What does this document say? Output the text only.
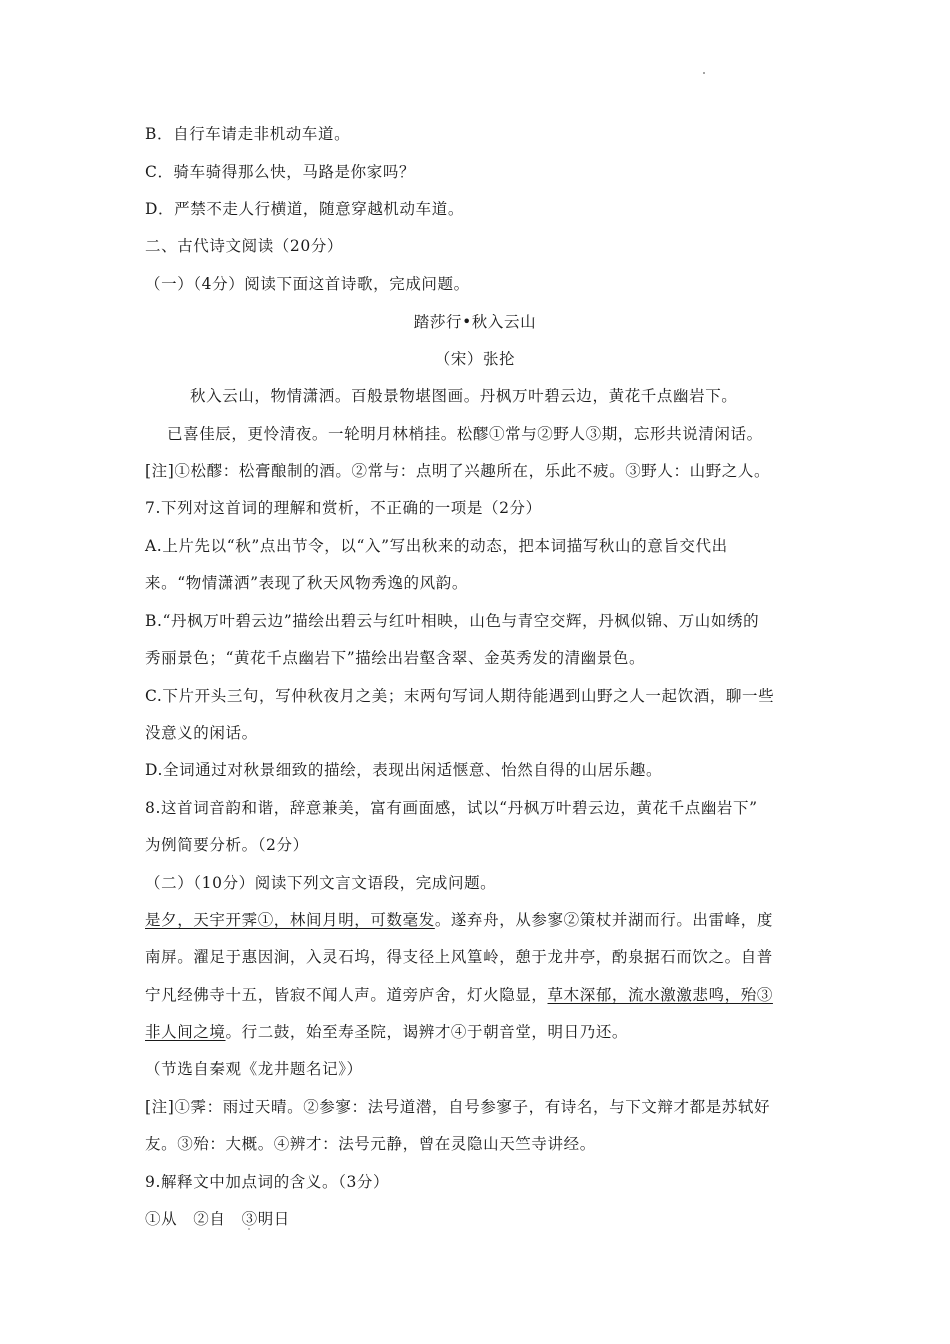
B．自行车请走非机动车道。
C．骑车骑得那么快，马路是你家吗？
D．严禁不走人行横道，随意穿越机动车道。
二、古代诗文阅读（20分）
（一）（4分）阅读下面这首诗歌，完成问题。
踏莎行•秋入云山
（宋）张抡
秋入云山，物情潇洒。百般景物堪图画。丹枫万叶碧云边，黄花千点幽岩下。
已喜佳辰，更怜清夜。一轮明月林梢挂。松醪①常与②野人③期，忘形共说清闲话。
[注]①松醪：松膏酿制的酒。②常与：点明了兴趣所在，乐此不疲。③野人：山野之人。
7.下列对这首词的理解和赏析，不正确的一项是（2分）
A.上片先以“秋”点出节令，以“入”写出秋来的动态，把本词描写秋山的意旨交代出
来。“物情潇洒”表现了秋天风物秀逸的风韵。
B.“丹枫万叶碧云边”描绘出碧云与红叶相映，山色与青空交辉，丹枫似锦、万山如绣的
秀丽景色；“黄花千点幽岩下”描绘出岩壑含翠、金英秀发的清幽景色。
C.下片开头三句，写仲秋夜月之美；末两句写词人期待能遇到山野之人一起饮酒，聊一些
没意义的闲话。
D.全词通过对秋景细致的描绘，表现出闲适惬意、怡然自得的山居乐趣。
8.这首词音韵和谐，辞意兼美，富有画面感，试以“丹枫万叶碧云边，黄花千点幽岩下”
为例简要分析。（2分）
（二）（10分）阅读下列文言文语段，完成问题。
是夕，天宇开霁①，林间月明，可数毫发。遂弃舟，从参寥②策杖并湖而行。出雷峰，度
南屏。濯足于惠因涧，入灵石坞，得支径上风篁岭，憩于龙井亭，酌泉据石而饮之。自普
宁凡经佛寺十五，皆寂不闻人声。道旁庐舍，灯火隐显，草木深郁，流水激激悲鸣，殆③
非人间之境。行二鼓，始至寿圣院，谒辨才④于朝音堂，明日乃还。
（节选自秦观《龙井题名记》）
[注]①霁：雨过天晴。②参寥：法号道潜，自号参寥子，有诗名，与下文辩才都是苏轼好
友。③殆：大概。④辨才：法号元静，曾在灵隐山天竺寺讲经。
9.解释文中加点词的含义。（3分）
①从　②自　③明日
